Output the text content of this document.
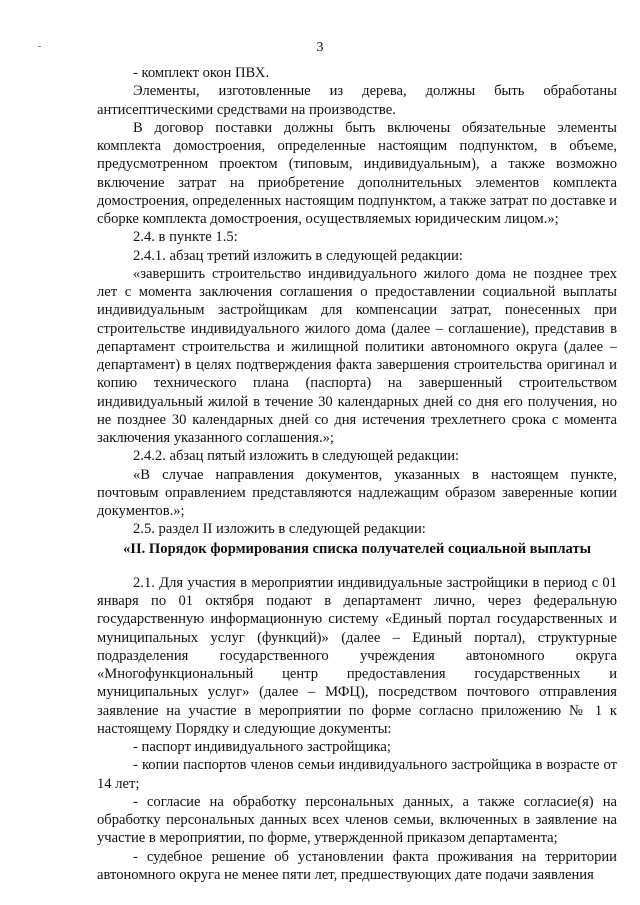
-	3

- комплект окон ПВХ.

Элементы, изготовленные из дерева, должны быть обработаны антисептическими средствами на производстве.

В договор поставки должны быть включены обязательные элементы комплекта домостроения, определенные настоящим подпунктом, в объеме, предусмотренном проектом (типовым, индивидуальным), а также возможно включение затрат на приобретение дополнительных элементов комплекта домостроения, определенных настоящим подпунктом, а также затрат по доставке и сборке комплекта домостроения, осуществляемых юридическим лицом.»;

2.4. в пункте 1.5:

2.4.1. абзац третий изложить в следующей редакции:

«завершить строительство индивидуального жилого дома не позднее трех лет с момента заключения соглашения о предоставлении социальной выплаты индивидуальным застройщикам для компенсации затрат, понесенных при строительстве индивидуального жилого дома (далее – соглашение), представив в департамент строительства и жилищной политики автономного округа (далее – департамент) в целях подтверждения факта завершения строительства оригинал и копию технического плана (паспорта) на завершенный строительством индивидуальный жилой в течение 30 календарных дней со дня его получения, но не позднее 30 календарных дней со дня истечения трехлетнего срока с момента заключения указанного соглашения.»;

2.4.2. абзац пятый изложить в следующей редакции:

«В случае направления документов, указанных в настоящем пункте, почтовым оправлением представляются надлежащим образом заверенные копии документов.»;

2.5. раздел II изложить в следующей редакции:

«II. Порядок формирования списка получателей социальной выплаты

2.1. Для участия в мероприятии индивидуальные застройщики в период с 01 января по 01 октября подают в департамент лично, через федеральную государственную информационную систему «Единый портал государственных и муниципальных услуг (функций)» (далее – Единый портал), структурные подразделения государственного учреждения автономного округа «Многофункциональный центр предоставления государственных и муниципальных услуг» (далее – МФЦ), посредством почтового отправления заявление на участие в мероприятии по форме согласно приложению № 1 к настоящему Порядку и следующие документы:

- паспорт индивидуального застройщика;

- копии паспортов членов семьи индивидуального застройщика в возрасте от 14 лет;

- согласие на обработку персональных данных, а также согласие(я) на обработку персональных данных всех членов семьи, включенных в заявление на участие в мероприятии, по форме, утвержденной приказом департамента;

- судебное решение об установлении факта проживания на территории автономного округа не менее пяти лет, предшествующих дате подачи заявления
